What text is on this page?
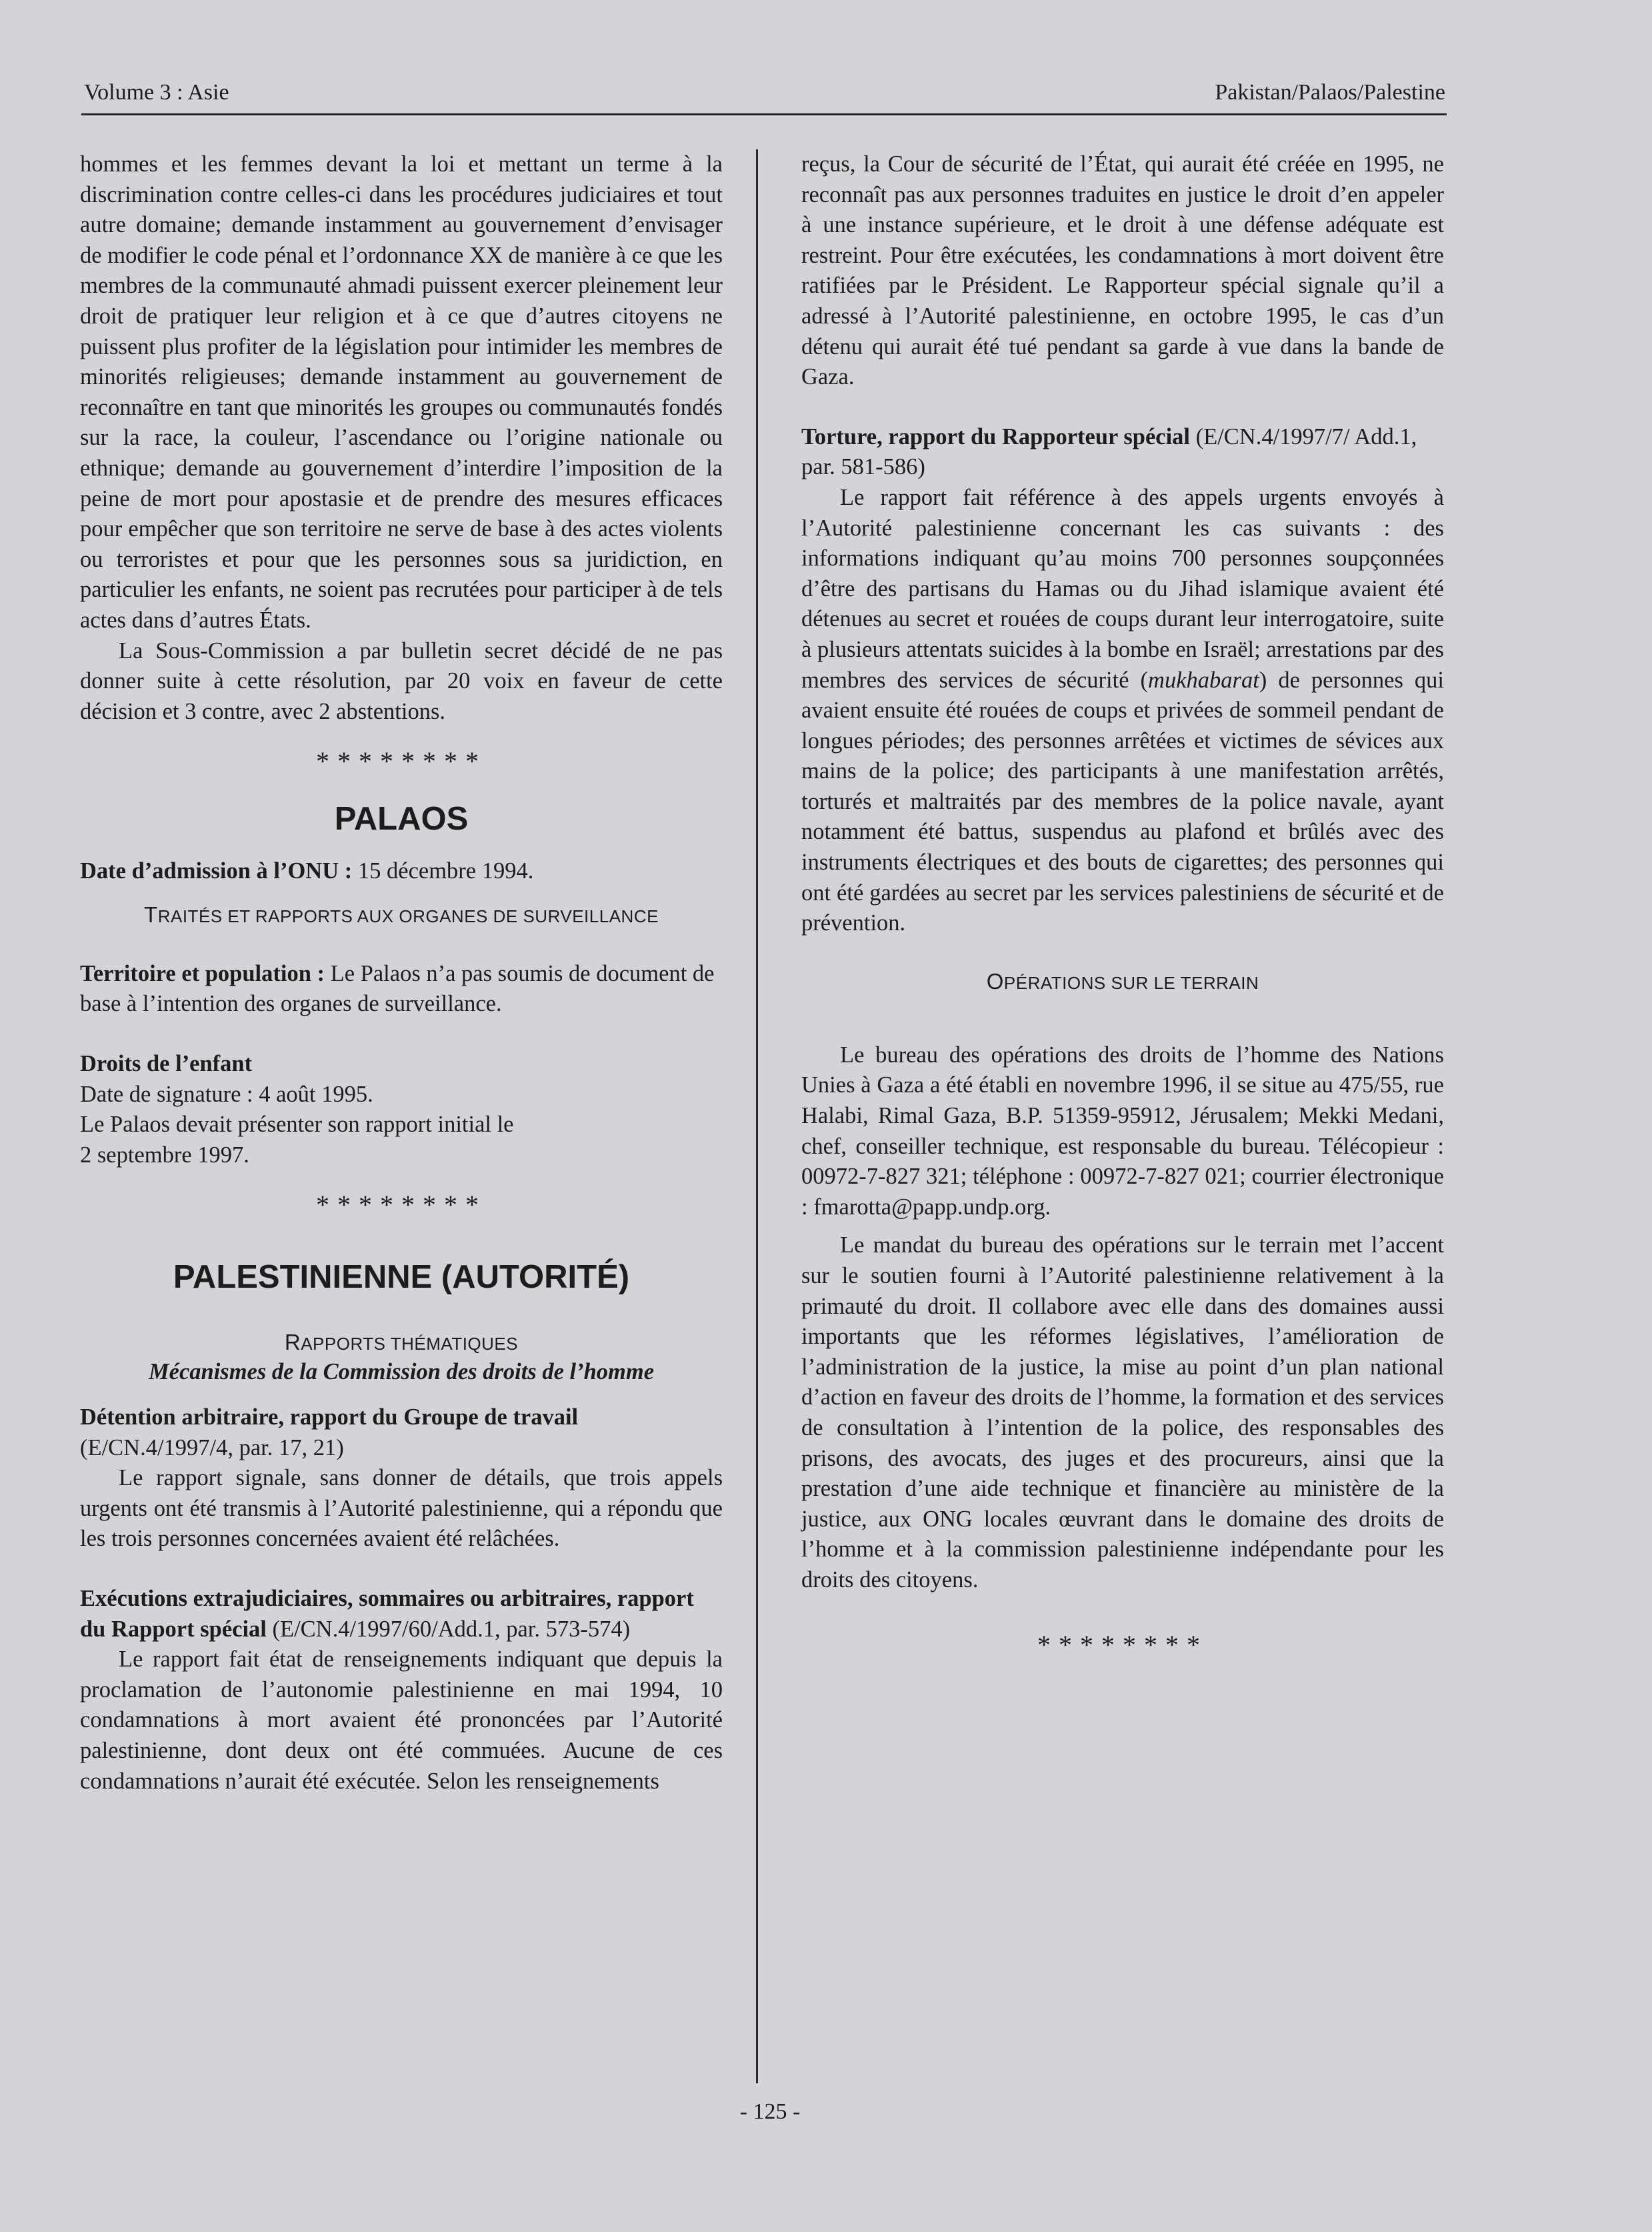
Volume 3 : Asie	Pakistan/Palaos/Palestine

hommes et les femmes devant la loi et mettant un terme à la discrimination contre celles-ci dans les procédures judiciaires et tout autre domaine; demande instamment au gouvernement d’envisager de modifier le code pénal et l’ordonnance XX de manière à ce que les membres de la communauté ahmadi puissent exercer pleinement leur droit de pratiquer leur religion et à ce que d’autres citoyens ne puissent plus profiter de la législation pour intimider les membres de minorités religieuses; demande instamment au gouvernement de reconnaître en tant que minorités les groupes ou communautés fondés sur la race, la couleur, l’ascendance ou l’origine nationale ou ethnique; demande au gouvernement d’interdire l’imposition de la peine de mort pour apostasie et de prendre des mesures efficaces pour empêcher que son territoire ne serve de base à des actes violents ou terroristes et pour que les personnes sous sa juridiction, en particulier les enfants, ne soient pas recrutées pour participer à de tels actes dans d’autres États.

La Sous-Commission a par bulletin secret décidé de ne pas donner suite à cette résolution, par 20 voix en faveur de cette décision et 3 contre, avec 2 abstentions.

********
PALAOS

Date d’admission à l’ONU : 15 décembre 1994.

TRAITÉS ET RAPPORTS AUX ORGANES DE SURVEILLANCE

Territoire et population : Le Palaos n’a pas soumis de document de base à l’intention des organes de surveillance.

Droits de l’enfant

Date de signature : 4 août 1995.

Le Palaos devait présenter son rapport initial le

2 septembre 1997.

********
PALESTINIENNE (AUTORITÉ)
RAPPORTS THÉMATIQUES

Mécanismes de la Commission des droits de l’homme

Détention arbitraire, rapport du Groupe de travail

(E/CN.4/1997/4, par. 17, 21)

Le rapport signale, sans donner de détails, que trois appels urgents ont été transmis à l’Autorité palestinienne, qui a répondu que les trois personnes concernées avaient été relâchées.

Exécutions extrajudiciaires, sommaires ou arbitraires, rapport du Rapport spécial (E/CN.4/1997/60/Add.1, par. 573-574)

Le rapport fait état de renseignements indiquant que depuis la proclamation de l’autonomie palestinienne en mai 1994, 10 condamnations à mort avaient été prononcées par l’Autorité palestinienne, dont deux ont été commuées. Aucune de ces condamnations n’aurait été exécutée. Selon les renseignements

reçus, la Cour de sécurité de l’État, qui aurait été créée en 1995, ne reconnaît pas aux personnes traduites en justice le droit d’en appeler à une instance supérieure, et le droit à une défense adéquate est restreint. Pour être exécutées, les condamnations à mort doivent être ratifiées par le Président. Le Rapporteur spécial signale qu’il a adressé à l’Autorité palestinienne, en octobre 1995, le cas d’un détenu qui aurait été tué pendant sa garde à vue dans la bande de Gaza.

Torture, rapport du Rapporteur spécial (E/CN.4/1997/7/ Add.1, par. 581-586)

Le rapport fait référence à des appels urgents envoyés à l’Autorité palestinienne concernant les cas suivants : des informations indiquant qu’au moins 700 personnes soupçonnées d’être des partisans du Hamas ou du Jihad islamique avaient été détenues au secret et rouées de coups durant leur interrogatoire, suite à plusieurs attentats suicides à la bombe en Israël; arrestations par des membres des services de sécurité (mukhabarat) de personnes qui avaient ensuite été rouées de coups et privées de sommeil pendant de longues périodes; des personnes arrêtées et victimes de sévices aux mains de la police; des participants à une manifestation arrêtés, torturés et maltraités par des membres de la police navale, ayant notamment été battus, suspendus au plafond et brûlés avec des instruments électriques et des bouts de cigarettes; des personnes qui ont été gardées au secret par les services palestiniens de sécurité et de prévention.

OPÉRATIONS SUR LE TERRAIN

Le bureau des opérations des droits de l’homme des Nations Unies à Gaza a été établi en novembre 1996, il se situe au 475/55, rue Halabi, Rimal Gaza, B.P. 51359-95912, Jérusalem; Mekki Medani, chef, conseiller technique, est responsable du bureau. Télécopieur : 00972-7-827 321; téléphone : 00972-7-827 021; courrier électronique : fmarotta@papp.undp.org.

Le mandat du bureau des opérations sur le terrain met l’accent sur le soutien fourni à l’Autorité palestinienne relativement à la primauté du droit. Il collabore avec elle dans des domaines aussi importants que les réformes législatives, l’amélioration de l’administration de la justice, la mise au point d’un plan national d’action en faveur des droits de l’homme, la formation et des services de consultation à l’intention de la police, des responsables des prisons, des avocats, des juges et des procureurs, ainsi que la prestation d’une aide technique et financière au ministère de la justice, aux ONG locales œuvrant dans le domaine des droits de l’homme et à la commission palestinienne indépendante pour les droits des citoyens.

********
- 125 -
